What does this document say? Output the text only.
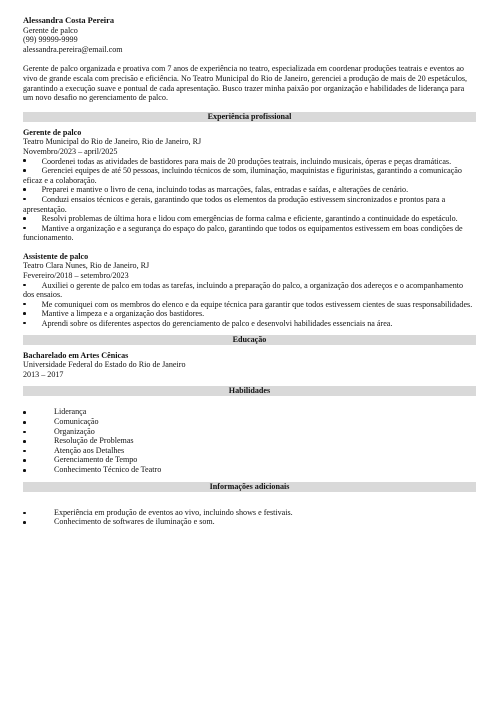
Alessandra Costa Pereira
Gerente de palco
(99) 99999-9999
alessandra.pereira@email.com
Gerente de palco organizada e proativa com 7 anos de experiência no teatro, especializada em coordenar produções teatrais e eventos ao vivo de grande escala com precisão e eficiência. No Teatro Municipal do Rio de Janeiro, gerenciei a produção de mais de 20 espetáculos, garantindo a execução suave e pontual de cada apresentação. Busco trazer minha paixão por organização e habilidades de liderança para um novo desafio no gerenciamento de palco.
Experiência profissional
Gerente de palco
Teatro Municipal do Rio de Janeiro, Rio de Janeiro, RJ
Novembro/2023 – april/2025
Coordenei todas as atividades de bastidores para mais de 20 produções teatrais, incluindo musicais, óperas e peças dramáticas.
Gerenciei equipes de até 50 pessoas, incluindo técnicos de som, iluminação, maquinistas e figurinistas, garantindo a comunicação eficaz e a colaboração.
Preparei e mantive o livro de cena, incluindo todas as marcações, falas, entradas e saídas, e alterações de cenário.
Conduzi ensaios técnicos e gerais, garantindo que todos os elementos da produção estivessem sincronizados e prontos para a apresentação.
Resolvi problemas de última hora e lidou com emergências de forma calma e eficiente, garantindo a continuidade do espetáculo.
Mantive a organização e a segurança do espaço do palco, garantindo que todos os equipamentos estivessem em boas condições de funcionamento.
Assistente de palco
Teatro Clara Nunes, Rio de Janeiro, RJ
Fevereiro/2018 – setembro/2023
Auxiliei o gerente de palco em todas as tarefas, incluindo a preparação do palco, a organização dos adereços e o acompanhamento dos ensaios.
Me comuniquei com os membros do elenco e da equipe técnica para garantir que todos estivessem cientes de suas responsabilidades.
Mantive a limpeza e a organização dos bastidores.
Aprendi sobre os diferentes aspectos do gerenciamento de palco e desenvolvi habilidades essenciais na área.
Educação
Bacharelado em Artes Cênicas
Universidade Federal do Estado do Rio de Janeiro
2013 – 2017
Habilidades
Liderança
Comunicação
Organização
Resolução de Problemas
Atenção aos Detalhes
Gerenciamento de Tempo
Conhecimento Técnico de Teatro
Informações adicionais
Experiência em produção de eventos ao vivo, incluindo shows e festivais.
Conhecimento de softwares de iluminação e som.
